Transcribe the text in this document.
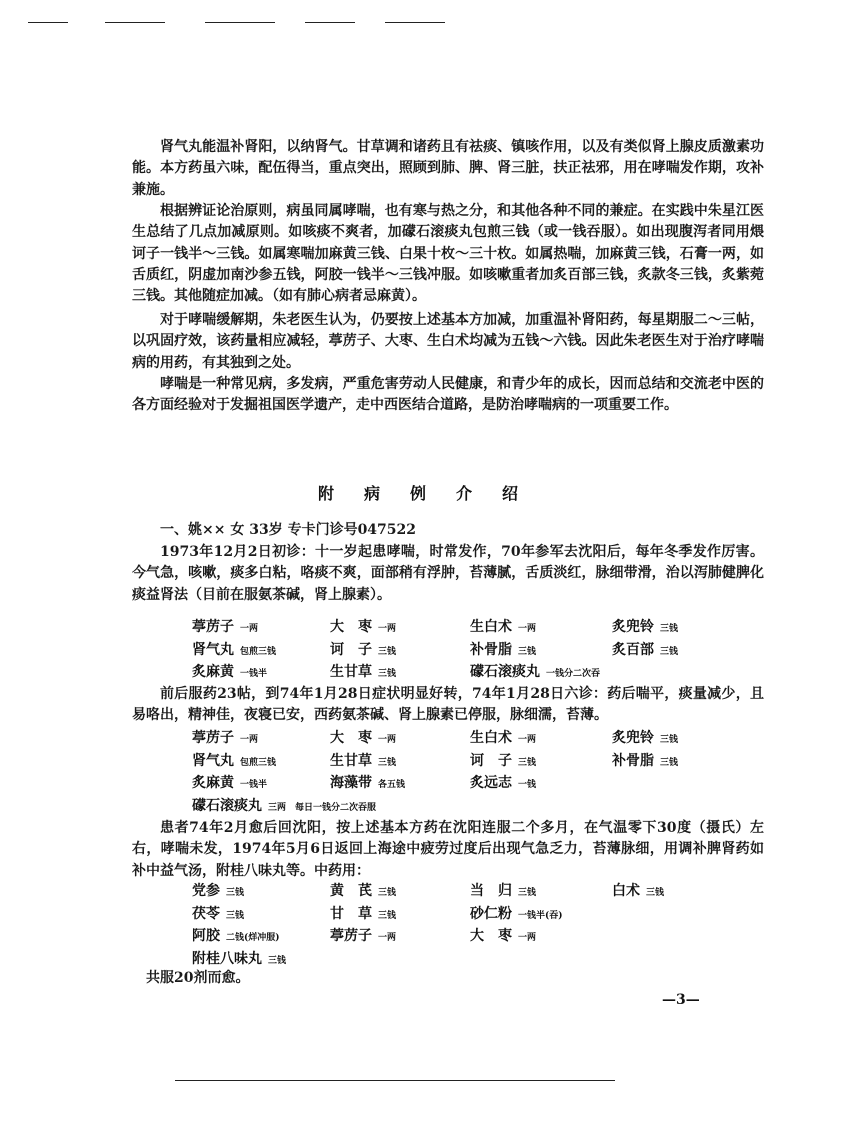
肾气丸能温补肾阳，以纳肾气。甘草调和诸药且有祛痰、镇咳作用，以及有类似肾上腺皮质激素功能。本方药虽六味，配伍得当，重点突出，照顾到肺、脾、肾三脏，扶正祛邪，用在哮喘发作期，攻补兼施。
根据辨证论治原则，病虽同属哮喘，也有寒与热之分，和其他各种不同的兼症。在实践中朱星江医生总结了几点加减原则。如咳痰不爽者，加礞石滚痰丸包煎三钱（或一钱吞服）。如出现腹泻者同用煨诃子一钱半～三钱。如属寒喘加麻黄三钱、白果十枚～三十枚。如属热喘，加麻黄三钱，石膏一两，如舌质红，阴虚加南沙参五钱，阿胶一钱半～三钱冲服。如咳嗽重者加炙百部三钱，炙款冬三钱，炙紫菀三钱。其他随症加减。（如有肺心病者忌麻黄）。
对于哮喘缓解期，朱老医生认为，仍要按上述基本方加减，加重温补肾阳药，每星期服二～三帖，以巩固疗效，该药量相应减轻，葶苈子、大枣、生白术均减为五钱～六钱。因此朱老医生对于治疗哮喘病的用药，有其独到之处。
哮喘是一种常见病，多发病，严重危害劳动人民健康，和青少年的成长，因而总结和交流老中医的各方面经验对于发掘祖国医学遗产，走中西医结合道路，是防治哮喘病的一项重要工作。
附病例介绍
一、姚×× 女 33岁 专卡门诊号047522
1973年12月2日初诊：十一岁起患哮喘，时常发作，70年参军去沈阳后，每年冬季发作厉害。今气急，咳嗽，痰多白粘，咯痰不爽，面部稍有浮肿，苔薄腻，舌质淡红，脉细带滑，治以泻肺健脾化痰益肾法（目前在服氨茶碱，肾上腺素）。
葶苈子 一两	大　枣 一两	生白术 一两	炙兜铃 三钱
肾气丸 包煎三钱	诃　子 三钱	补骨脂 三钱	炙百部 三钱
炙麻黄 一钱半	生甘草 三钱	礞石滚痰丸 一钱分二次吞
前后服药23帖，到74年1月28日症状明显好转，74年1月28日六诊：药后喘平，痰量减少，且易咯出，精神佳，夜寝已安，西药氨茶碱、肾上腺素已停服，脉细濡，苔薄。
葶苈子 一两	大　枣 一两	生白术 一两	炙兜铃 三钱
肾气丸 包煎三钱	生甘草 三钱	诃　子 三钱	补骨脂 三钱
炙麻黄 一钱半	海藻带 各五钱	炙远志 一钱
礞石滚痰丸 三两　每日一钱分二次吞服
患者74年2月愈后回沈阳，按上述基本方药在沈阳连服二个多月，在气温零下30度（摄氏）左右，哮喘未发，1974年5月6日返回上海途中疲劳过度后出现气急乏力，苔薄脉细，用调补脾肾药如补中益气汤，附桂八味丸等。中药用：
党参 三钱	黄　芪 三钱	当　归 三钱	白术 三钱
茯苓 三钱	甘　草 三钱	砂仁粉 一钱半(吞)
阿胶 二钱(烊冲服)	葶苈子 一两	大　枣 一两
附桂八味丸 三钱
共服20剂而愈。
—3—
